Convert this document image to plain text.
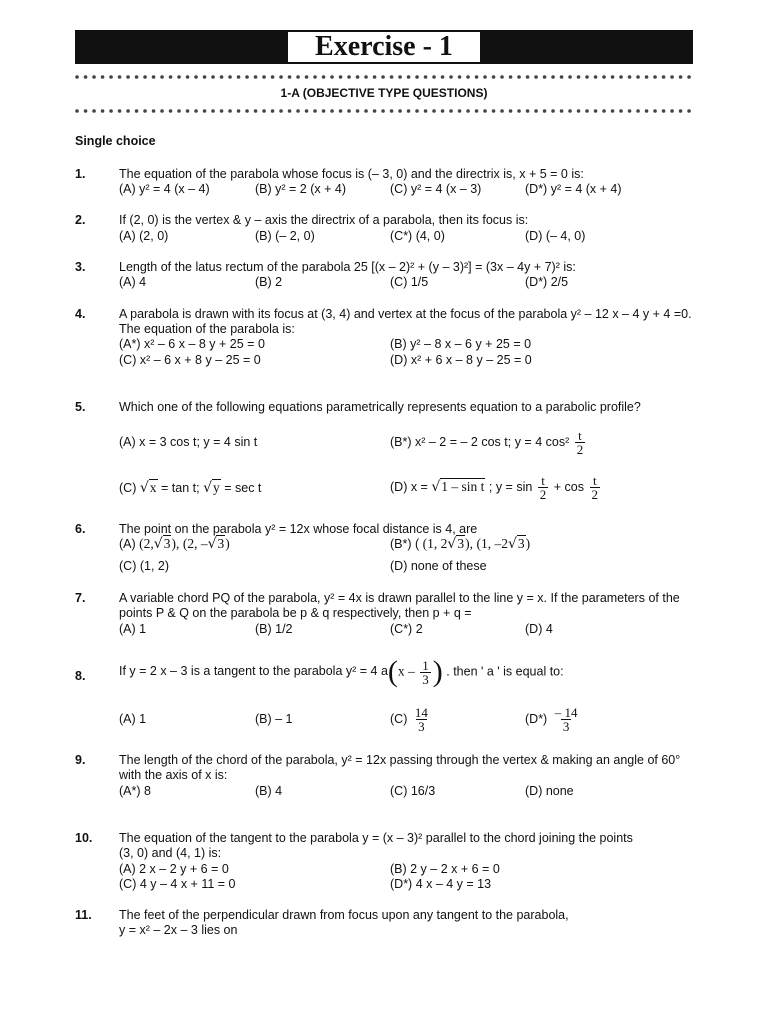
Exercise - 1
1-A (OBJECTIVE TYPE QUESTIONS)
Single choice
1.	The equation of the parabola whose focus is (– 3, 0) and the directrix is, x + 5 = 0 is:
(A) y² = 4 (x – 4)	(B) y² = 2 (x + 4)	(C) y² = 4 (x – 3)	(D*) y² = 4 (x + 4)
2.	If (2, 0) is the vertex & y – axis the directrix of a parabola, then its focus is:
(A) (2, 0)	(B) (– 2, 0)	(C*) (4, 0)	(D) (– 4, 0)
3.	Length of the latus rectum of the parabola 25 [(x – 2)² + (y – 3)²] = (3x – 4y + 7)² is:
(A) 4	(B) 2	(C) 1/5	(D*) 2/5
4.	A parabola is drawn with its focus at (3, 4) and vertex at the focus of the parabola y² – 12 x – 4 y + 4 =0.
The equation of the parabola is:
(A*) x² – 6 x – 8 y + 25 = 0	(B) y² – 8 x – 6 y + 25 = 0
(C) x² – 6 x + 8 y – 25 = 0	(D) x² + 6 x – 8 y – 25 = 0
5.	Which one of the following equations parametrically represents equation to a parabolic profile?
(A) x = 3 cos t; y = 4 sin t	(B*) x² – 2 = – 2 cos t; y = 4 $\cos^2 \frac{t}{2}$
(C) √x = tan t; √y = sec t	(D) x = √1 – sin t ; $y = \sin \frac{t}{2} + \cos \frac{t}{2}$
6.	The point on the parabola y² = 12x whose focal distance is 4, are
(A) (2,√3), (2, –√3)	(B*) ( (1, 2√3), (1, –2√3)
(C) (1, 2)	(D) none of these
7.	A variable chord PQ of the parabola, y² = 4x is drawn parallel to the line y = x. If the parameters of the
points P & Q on the parabola be p & q respectively, then p + q =
(A) 1	(B) 1/2	(C*) 2	(D) 4
8.	If y = 2 x – 3 is a tangent to the parabola y² = 4 $a(x - \frac{1}{3}$ ) . then ' a ' is equal to:
(A) 1	(B) – 1	$(C) \frac{14}{3}$	$(D*) \frac{- 14}{3}$
9.	The length of the chord of the parabola, y² = 12x passing through the vertex & making an angle of 60°
with the axis of x is:
(A*) 8	(B) 4	(C) 16/3	(D) none
10. The equation of the tangent to the parabola y = (x – 3)² parallel to the chord joining the points
(3, 0) and (4, 1) is:
(A) 2 x – 2 y + 6 = 0	(B) 2 y – 2 x + 6 = 0
(C) 4 y – 4 x + 11 = 0	(D*) 4 x – 4 y = 13
11. The feet of the perpendicular drawn from focus upon any tangent to the parabola,
y = x² – 2x – 3 lies on
